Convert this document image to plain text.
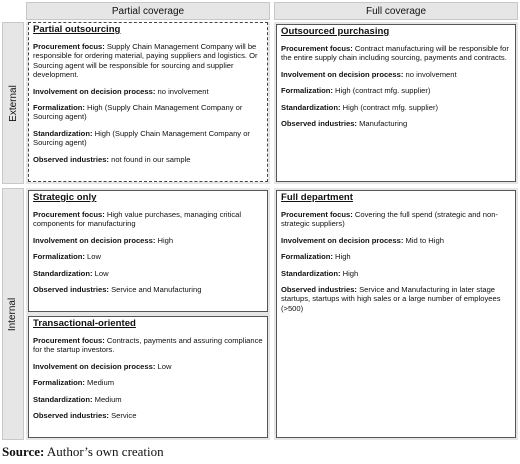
Partial coverage	Full coverage
External
Internal
Partial outsourcing

Procurement focus: Supply Chain Management Company will be responsible for ordering material, paying suppliers and logistics. Or Sourcing agent will be responsible for sourcing and supplier development.

Involvement on decision process: no involvement

Formalization: High (Supply Chain Management Company or Sourcing agent)

Standardization: High (Supply Chain Management Company or Sourcing agent)

Observed industries: not found in our sample

Outsourced purchasing

Procurement focus: Contract manufacturing will be responsible for the entire supply chain including sourcing, payments and contracts.

Involvement on decision process: no involvement

Formalization: High (contract mfg. supplier)

Standardization: High (contract mfg. supplier)

Observed industries: Manufacturing

Strategic only

Procurement focus: High value purchases, managing critical components for manufacturing

Involvement on decision process: High

Formalization: Low

Standardization: Low

Observed industries: Service and Manufacturing

Transactional-oriented

Procurement focus: Contracts, payments and assuring compliance for the startup investors.

Involvement on decision process: Low

Formalization: Medium

Standardization: Medium

Observed industries: Service

Full department

Procurement focus: Covering the full spend (strategic and non-strategic suppliers)

Involvement on decision process: Mid to High

Formalization: High

Standardization: High

Observed industries: Service and Manufacturing in later stage startups, startups with high sales or a large number of employees (>500)

Source: Author’s own creation
